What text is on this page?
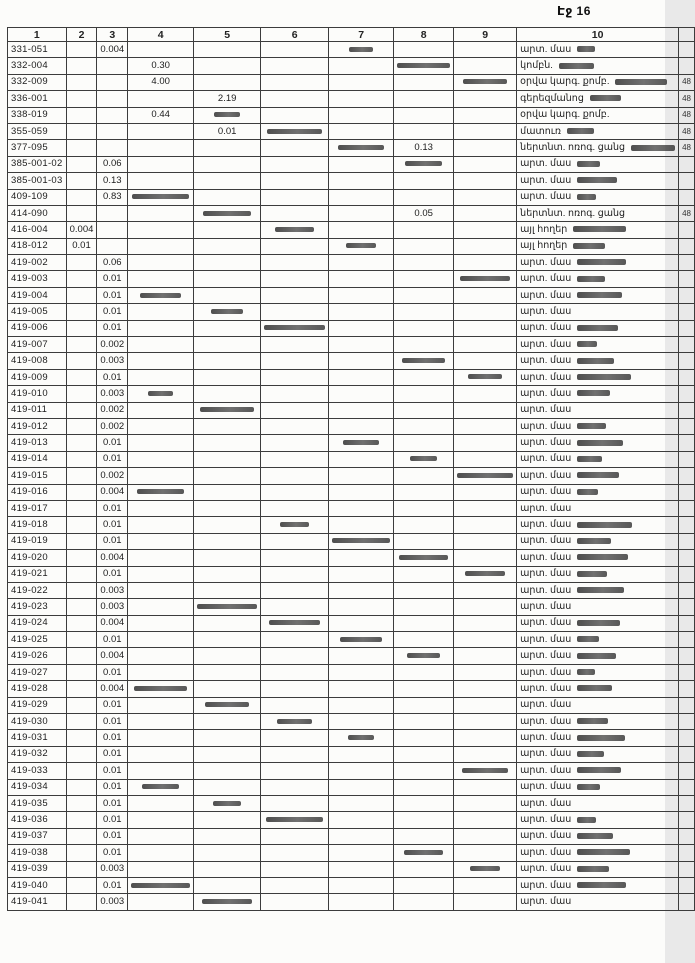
Էջ 16
1	2	3	4	5	6	7	8	9	10	
331-051		0.004							արտ. մաս	
332-004			0.30						կոմբն.	
332-009			4.00						օրվա կարգ. քոմբ.	48
336-001				2.19					գերեզմանոց	48
338-019			0.44						օրվա կարգ. քոմբ.	48
355-059				0.01					մատուռ	48
377-095							0.13		ներտնտ. ոռոգ. ցանց	48
385-001-02		0.06							արտ. մաս	
385-001-03		0.13							արտ. մաս	
409-109		0.83							արտ. մաս	
414-090							0.05		ներտնտ. ոռոգ. ցանց	48
416-004	0.004								այլ հողեր	
418-012	0.01								այլ հողեր	
419-002		0.06							արտ. մաս	
419-003		0.01							արտ. մաս	
419-004		0.01							արտ. մաս	
419-005		0.01							արտ. մաս	
419-006		0.01							արտ. մաս	
419-007		0.002							արտ. մաս	
419-008		0.003							արտ. մաս	
419-009		0.01							արտ. մաս	
419-010		0.003							արտ. մաս	
419-011		0.002							արտ. մաս	
419-012		0.002							արտ. մաս	
419-013		0.01							արտ. մաս	
419-014		0.01							արտ. մաս	
419-015		0.002							արտ. մաս	
419-016		0.004							արտ. մաս	
419-017		0.01							արտ. մաս	
419-018		0.01							արտ. մաս	
419-019		0.01							արտ. մաս	
419-020		0.004							արտ. մաս	
419-021		0.01							արտ. մաս	
419-022		0.003							արտ. մաս	
419-023		0.003							արտ. մաս	
419-024		0.004							արտ. մաս	
419-025		0.01							արտ. մաս	
419-026		0.004							արտ. մաս	
419-027		0.01							արտ. մաս	
419-028		0.004							արտ. մաս	
419-029		0.01							արտ. մաս	
419-030		0.01							արտ. մաս	
419-031		0.01							արտ. մաս	
419-032		0.01							արտ. մաս	
419-033		0.01							արտ. մաս	
419-034		0.01							արտ. մաս	
419-035		0.01							արտ. մաս	
419-036		0.01							արտ. մաս	
419-037		0.01							արտ. մաս	
419-038		0.01							արտ. մաս	
419-039		0.003							արտ. մաս	
419-040		0.01							արտ. մաս	
419-041		0.003							արտ. մաս	
